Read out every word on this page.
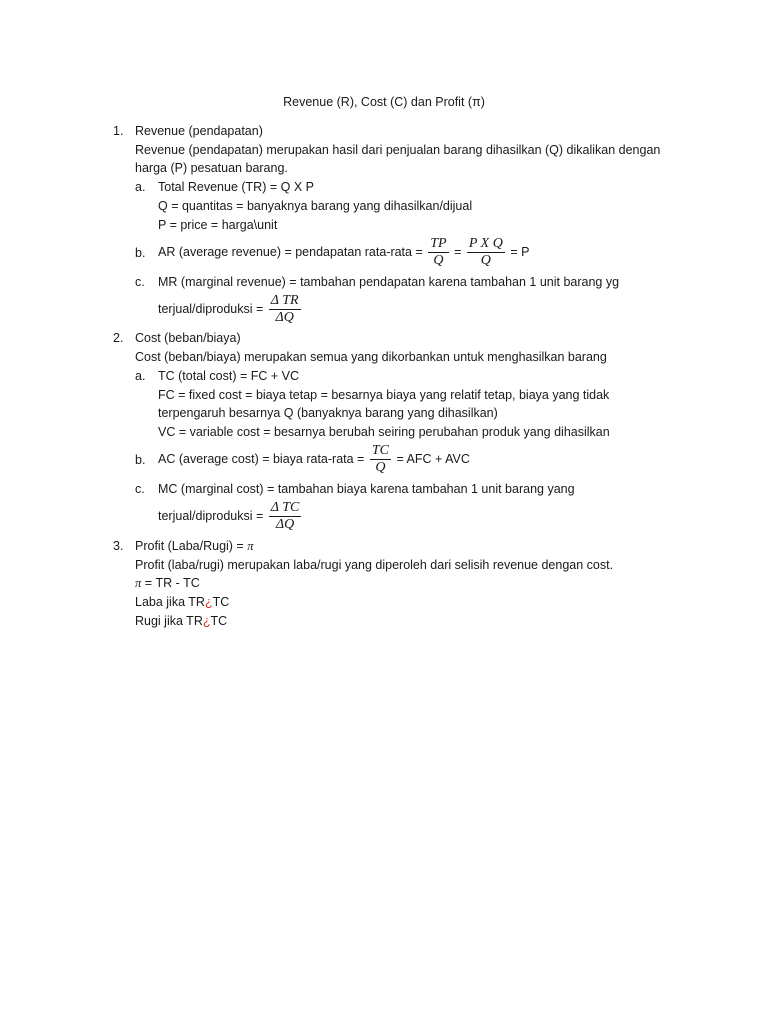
Revenue (R), Cost (C) dan Profit (π)
1. Revenue (pendapatan)
Revenue (pendapatan) merupakan hasil dari penjualan barang dihasilkan (Q) dikalikan dengan
harga (P) pesatuan barang.
a. Total Revenue (TR) = Q X P
Q = quantitas = banyaknya barang yang dihasilkan/dijual
P = price = harga\unit
b. AR (average revenue) = pendapatan rata-rata = $\frac{TP}{Q} = \frac{\text{P X Q}}{Q} = P$
c. MR (marginal revenue) = tambahan pendapatan karena tambahan 1 unit barang yg
terjual/diproduksi = $\frac{\text{Δ TR}}{\Delta Q}$
2. Cost (beban/biaya)
Cost (beban/biaya) merupakan semua yang dikorbankan untuk menghasilkan barang
a. TC (total cost) = FC + VC
FC = fixed cost = biaya tetap = besarnya biaya yang relatif tetap, biaya yang tidak
terpengaruh besarnya Q (banyaknya barang yang dihasilkan)
VC = variable cost = besarnya berubah seiring perubahan produk yang dihasilkan
b. AC (average cost) = biaya rata-rata = $\frac{TC}{Q}$ = AFC + AVC
c. MC (marginal cost) = tambahan biaya karena tambahan 1 unit barang yang
terjual/diproduksi = $\frac{\text{Δ TC}}{\Delta Q}$
3. Profit (Laba/Rugi) = π
Profit (laba/rugi) merupakan laba/rugi yang diperoleh dari selisih revenue dengan cost.
π = TR - TC
Laba jika TR¿TC
Rugi jika TR¿TC
